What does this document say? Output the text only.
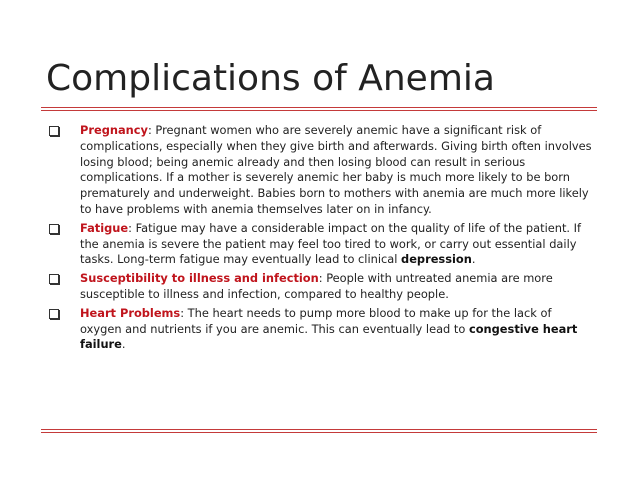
Complications of Anemia
Pregnancy: Pregnant women who are severely anemic have a significant risk of complications, especially when they give birth and afterwards. Giving birth often involves losing blood; being anemic already and then losing blood can result in serious complications. If a mother is severely anemic her baby is much more likely to be born prematurely and underweight. Babies born to mothers with anemia are much more likely to have problems with anemia themselves later on in infancy.
Fatigue: Fatigue may have a considerable impact on the quality of life of the patient. If the anemia is severe the patient may feel too tired to work, or carry out essential daily tasks. Long-term fatigue may eventually lead to clinical depression.
Susceptibility to illness and infection: People with untreated anemia are more susceptible to illness and infection, compared to healthy people.
Heart Problems: The heart needs to pump more blood to make up for the lack of oxygen and nutrients if you are anemic. This can eventually lead to congestive heart failure.
